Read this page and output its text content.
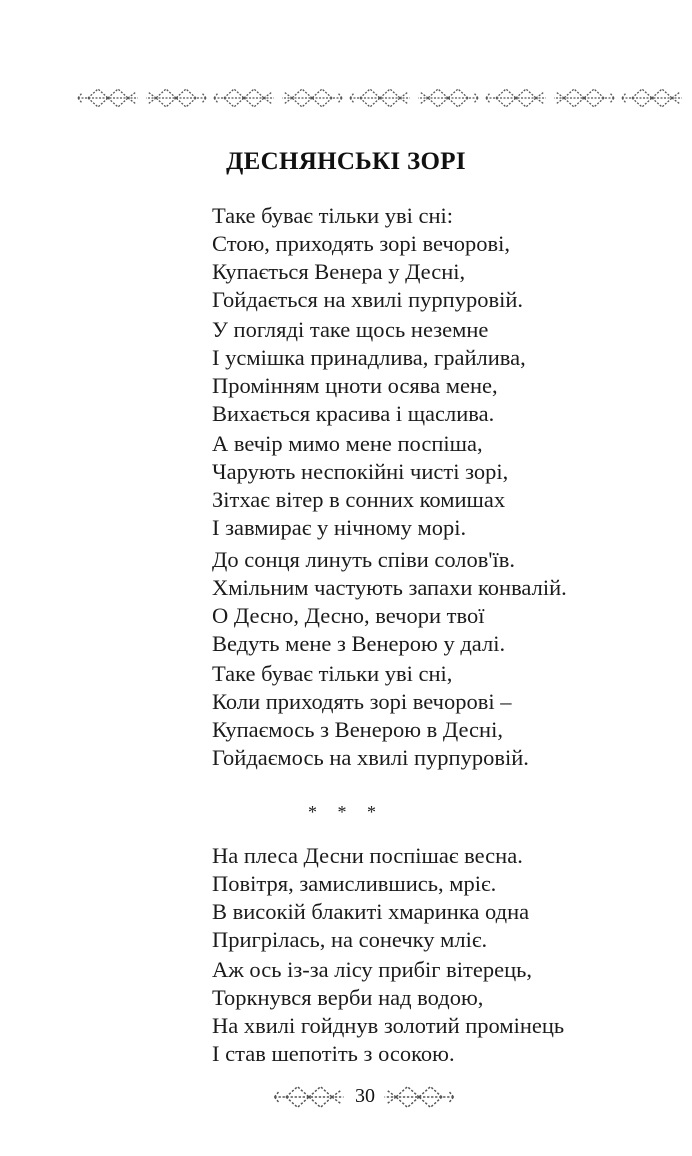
ДЕСНЯНСЬКІ ЗОРІ
Таке буває тільки уві сні:
Стою, приходять зорі вечорові,
Купається Венера у Десні,
Гойдається на хвилі пурпуровій.
У погляді таке щось неземне
І усмішка принадлива, грайлива,
Промінням цноти осява мене,
Вихається красива і щаслива.
А вечір мимо мене поспіша,
Чарують неспокійні чисті зорі,
Зітхає вітер в сонних комишах
І завмирає у нічному морі.
До сонця линуть співи солов'їв.
Хмільним частують запахи конвалій.
О Десно, Десно, вечори твої
Ведуть мене з Венерою у далі.
Таке буває тільки уві сні,
Коли приходять зорі вечорові –
Купаємось з Венерою в Десні,
Гойдаємось на хвилі пурпуровій.
* * *
На плеса Десни поспішає весна.
Повітря, замислившись, мріє.
В високій блакиті хмаринка одна
Пригрілась, на сонечку мліє.
Аж ось із-за лісу прибіг вітерець,
Торкнувся верби над водою,
На хвилі гойднув золотий промінець
І став шепотіть з осокою.
30
